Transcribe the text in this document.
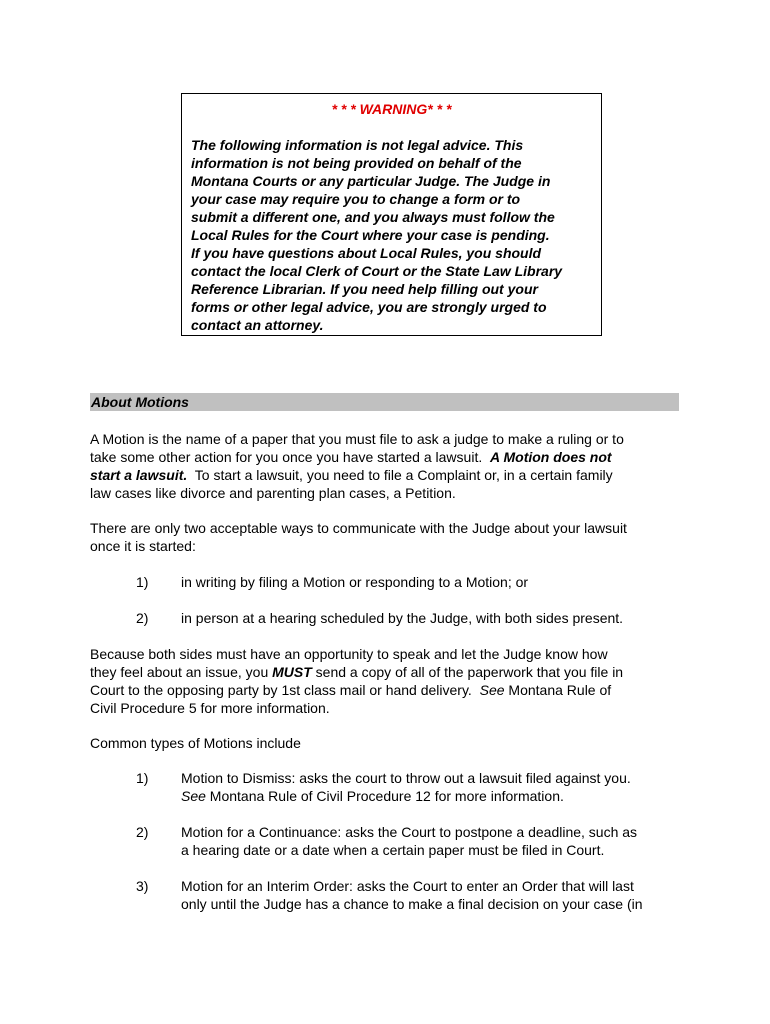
* * * WARNING* * *
The following information is not legal advice. This
information is not being provided on behalf of the
Montana Courts or any particular Judge. The Judge in
your case may require you to change a form or to
submit a different one, and you always must follow the
Local Rules for the Court where your case is pending.
If you have questions about Local Rules, you should
contact the local Clerk of Court or the State Law Library
Reference Librarian. If you need help filling out your
forms or other legal advice, you are strongly urged to
contact an attorney.
About Motions
A Motion is the name of a paper that you must file to ask a judge to make a ruling or to
take some other action for you once you have started a lawsuit.  A Motion does not
start a lawsuit.  To start a lawsuit, you need to file a Complaint or, in a certain family
law cases like divorce and parenting plan cases, a Petition.
There are only two acceptable ways to communicate with the Judge about your lawsuit
once it is started:
1)	in writing by filing a Motion or responding to a Motion; or
2)	in person at a hearing scheduled by the Judge, with both sides present.
Because both sides must have an opportunity to speak and let the Judge know how
they feel about an issue, you MUST send a copy of all of the paperwork that you file in
Court to the opposing party by 1st class mail or hand delivery.  See Montana Rule of
Civil Procedure 5 for more information.
Common types of Motions include
1)	Motion to Dismiss: asks the court to throw out a lawsuit filed against you.
See Montana Rule of Civil Procedure 12 for more information.
2)	Motion for a Continuance: asks the Court to postpone a deadline, such as
a hearing date or a date when a certain paper must be filed in Court.
3)	Motion for an Interim Order: asks the Court to enter an Order that will last
only until the Judge has a chance to make a final decision on your case (in
